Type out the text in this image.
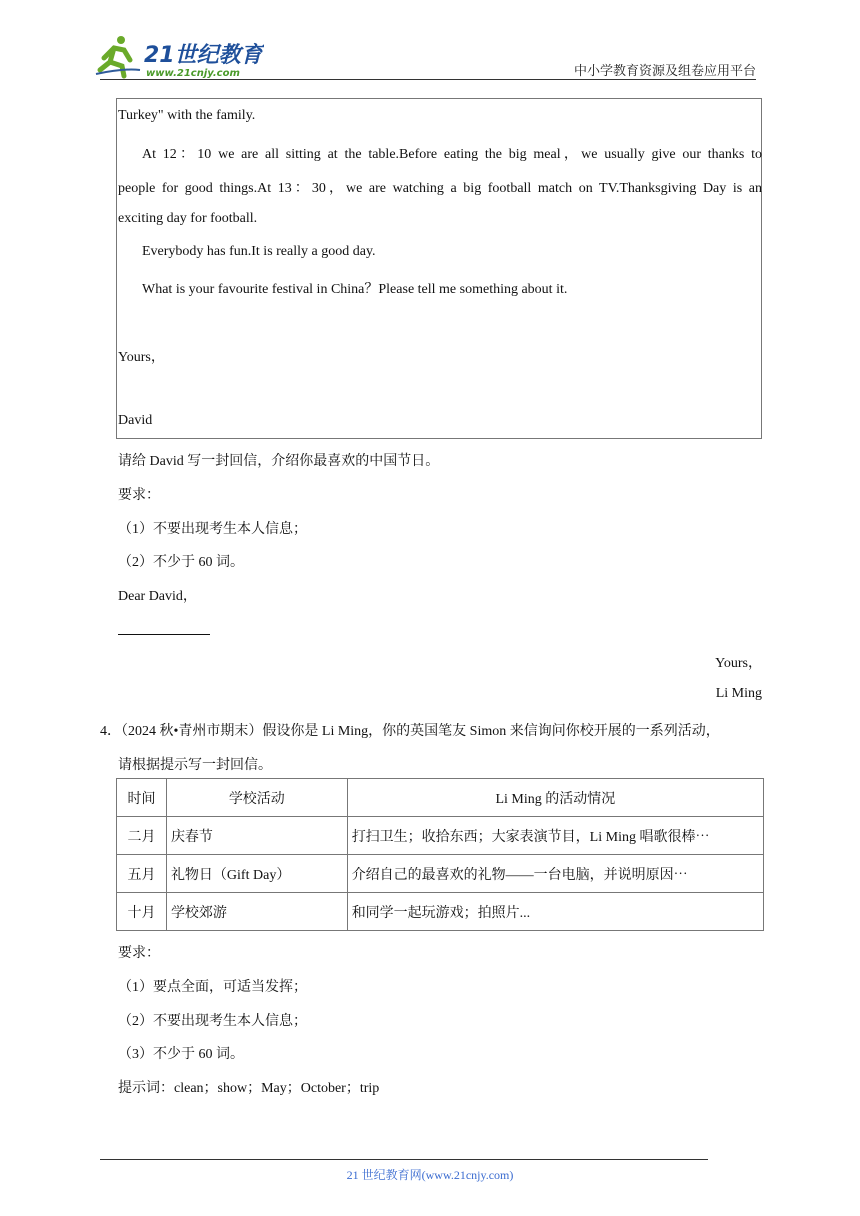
21世纪教育
www.21cnjy.com	中小学教育资源及组卷应用平台
Turkey" with the family.
At 12：10 we are all sitting at the table.Before eating the big meal，we usually give our thanks to
people for good things.At 13：30，we are watching a big football match on TV.Thanksgiving Day is an
exciting day for football.
Everybody has fun.It is really a good day.
What is your favourite festival in China？Please tell me something about it.
Yours，
David
请给 David 写一封回信，介绍你最喜欢的中国节日。
要求：
（1）不要出现考生本人信息；
（2）不少于 60 词。
Dear David，
Yours，
Li Ming
4．（2024 秋•青州市期末）假设你是 Li Ming，你的英国笔友 Simon 来信询问你校开展的一系列活动，
请根据提示写一封回信。
时间	学校活动	Li Ming 的活动情况
二月	庆春节	打扫卫生；收拾东西；大家表演节目，Li Ming 唱歌很棒⋯
五月	礼物日（Gift Day）	介绍自己的最喜欢的礼物——一台电脑，并说明原因⋯
十月	学校郊游	和同学一起玩游戏；拍照片...
要求：
（1）要点全面，可适当发挥；
（2）不要出现考生本人信息；
（3）不少于 60 词。
提示词：clean；show；May；October；trip
21 世纪教育网(www.21cnjy.com)
